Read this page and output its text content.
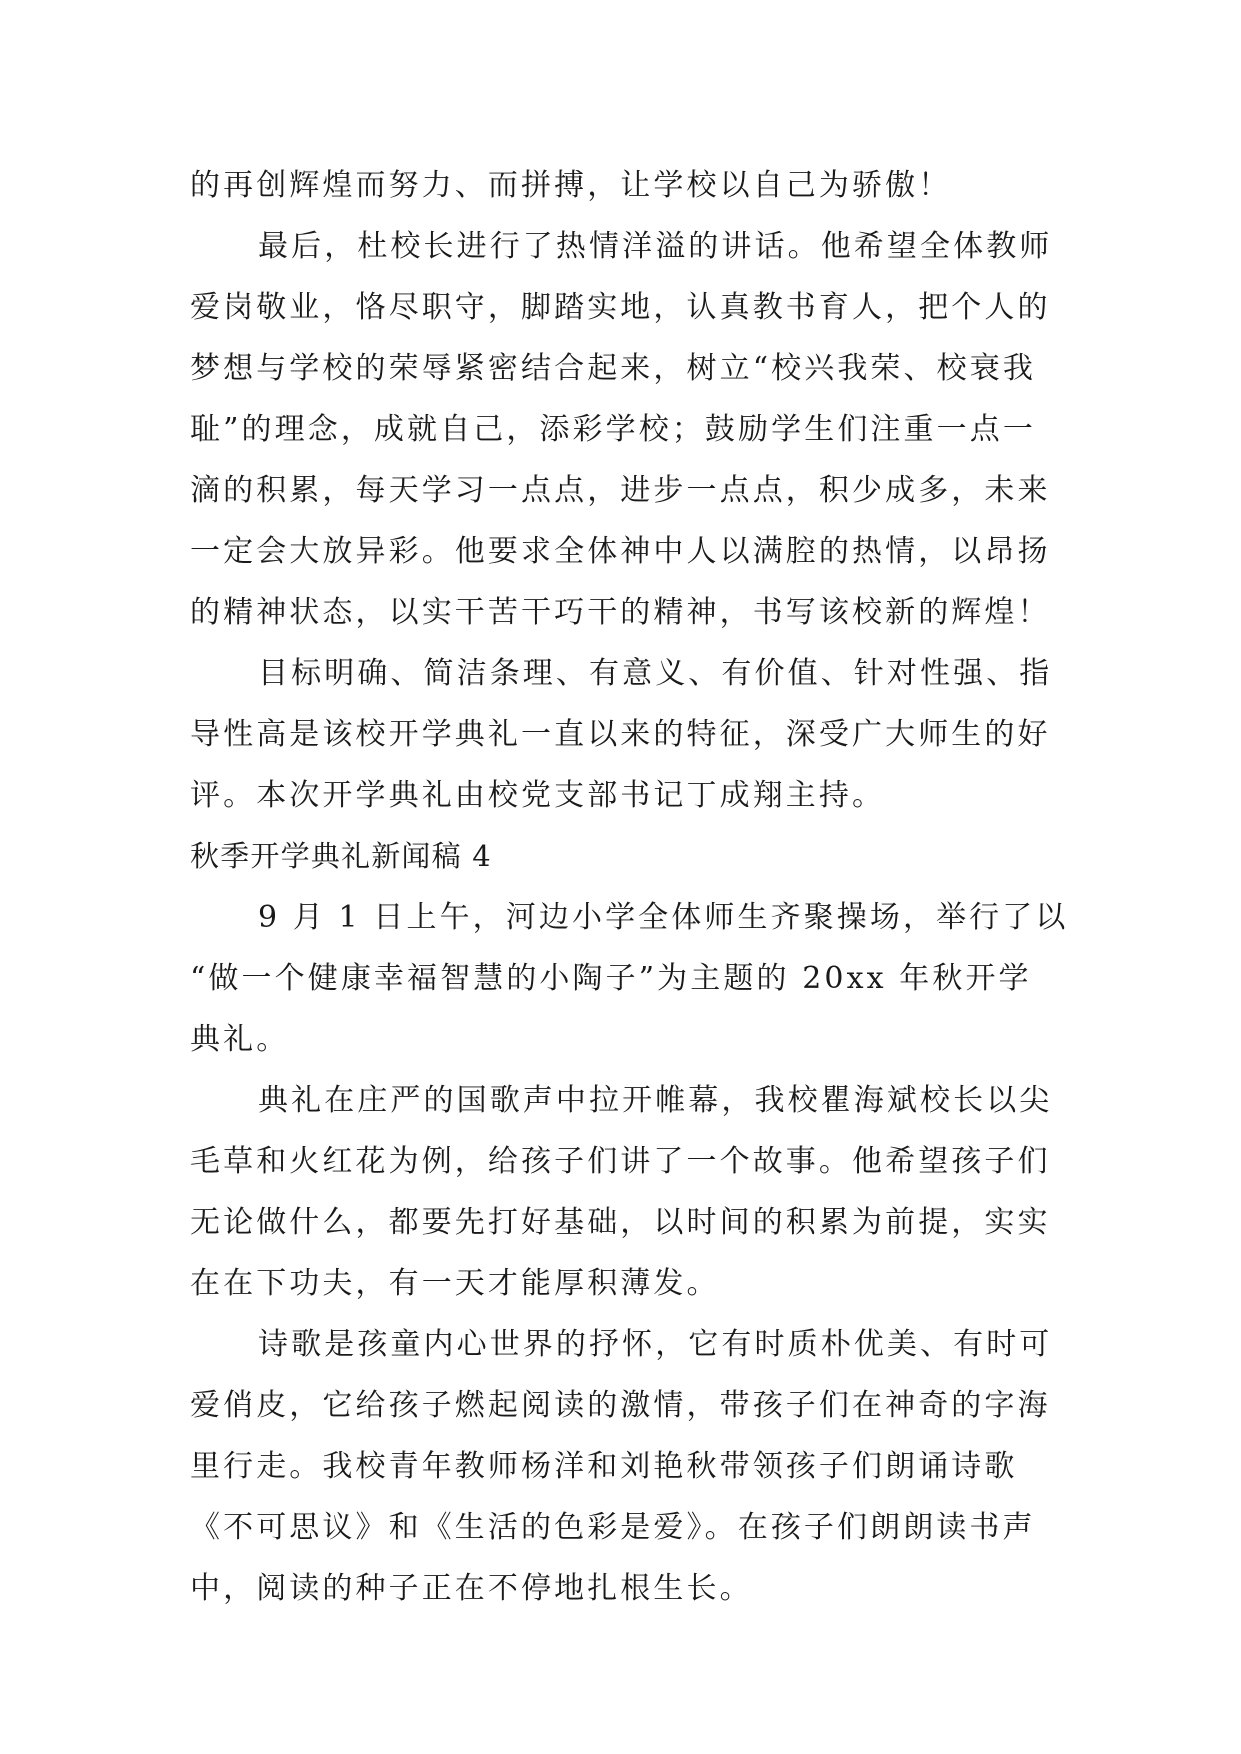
的再创辉煌而努力、而拼搏，让学校以自己为骄傲！
最后，杜校长进行了热情洋溢的讲话。他希望全体教师
爱岗敬业，恪尽职守，脚踏实地，认真教书育人，把个人的
梦想与学校的荣辱紧密结合起来，树立“校兴我荣、校衰我
耻”的理念，成就自己，添彩学校；鼓励学生们注重一点一
滴的积累，每天学习一点点，进步一点点，积少成多，未来
一定会大放异彩。他要求全体神中人以满腔的热情，以昂扬
的精神状态，以实干苦干巧干的精神，书写该校新的辉煌！
目标明确、简洁条理、有意义、有价值、针对性强、指
导性高是该校开学典礼一直以来的特征，深受广大师生的好
评。本次开学典礼由校党支部书记丁成翔主持。
秋季开学典礼新闻稿 4
9 月 1 日上午，河边小学全体师生齐聚操场，举行了以
“做一个健康幸福智慧的小陶子”为主题的 20xx 年秋开学
典礼。
典礼在庄严的国歌声中拉开帷幕，我校瞿海斌校长以尖
毛草和火红花为例，给孩子们讲了一个故事。他希望孩子们
无论做什么，都要先打好基础，以时间的积累为前提，实实
在在下功夫，有一天才能厚积薄发。
诗歌是孩童内心世界的抒怀，它有时质朴优美、有时可
爱俏皮，它给孩子燃起阅读的激情，带孩子们在神奇的字海
里行走。我校青年教师杨洋和刘艳秋带领孩子们朗诵诗歌
《不可思议》和《生活的色彩是爱》。在孩子们朗朗读书声
中，阅读的种子正在不停地扎根生长。
